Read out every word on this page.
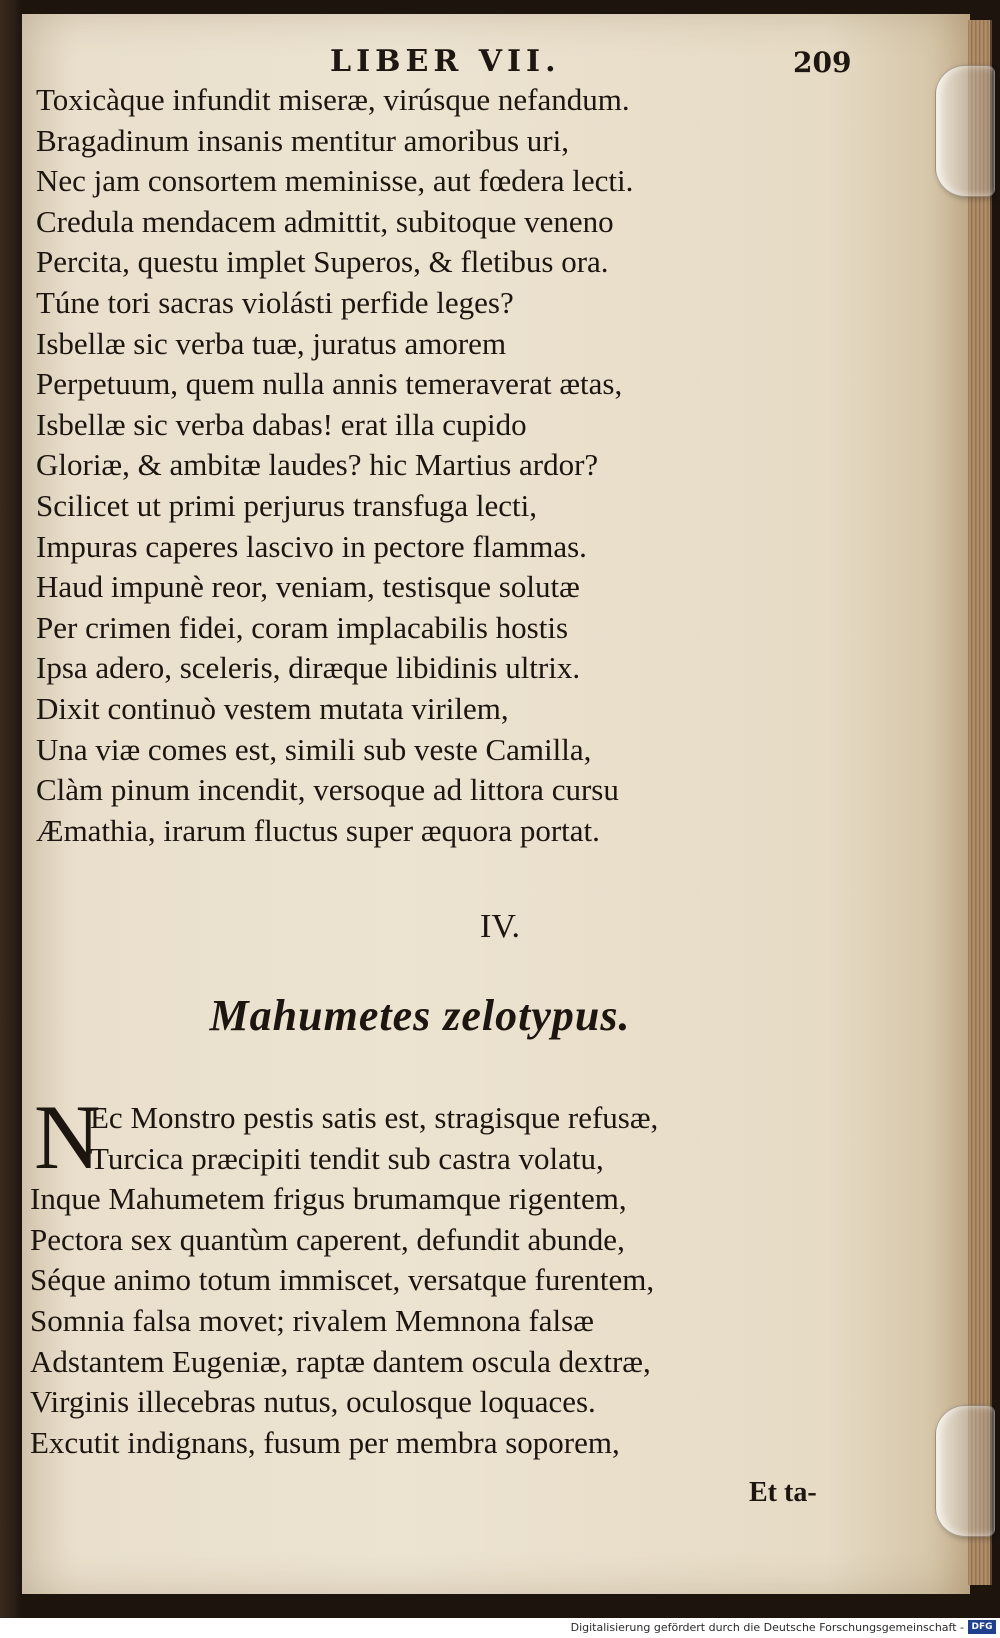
LIBER VII.	209
Toxicàque infundit miseræ, virúsque nefandum.
Bragadinum insanis mentitur amoribus uri,
Nec jam consortem meminisse, aut fœdera lecti.
Credula mendacem admittit, subitoque veneno
Percita, questu implet Superos, & fletibus ora.
Túne tori sacras violásti perfide leges?
Isbellæ sic verba tuæ, juratus amorem
Perpetuum, quem nulla annis temeraverat ætas,
Isbellæ sic verba dabas! erat illa cupido
Gloriæ, & ambitæ laudes? hic Martius ardor?
Scilicet ut primi perjurus transfuga lecti,
Impuras caperes lascivo in pectore flammas.
Haud impunè reor, veniam, testisque solutæ
Per crimen fidei, coram implacabilis hostis
Ipsa adero, sceleris, diræque libidinis ultrix.
Dixit continuò vestem mutata virilem,
Una viæ comes est, simili sub veste Camilla,
Clàm pinum incendit, versoque ad littora cursu
Æmathia, irarum fluctus super æquora portat.
IV.
Mahumetes zelotypus.
N
Ec Monstro pestis satis est, stragisque refusæ,
Turcica præcipiti tendit sub castra volatu,
Inque Mahumetem frigus brumamque rigentem,
Pectora sex quantùm caperent, defundit abunde,
Séque animo totum immiscet, versatque furentem,
Somnia falsa movet; rivalem Memnona falsæ
Adstantem Eugeniæ, raptæ dantem oscula dextræ,
Virginis illecebras nutus, oculosque loquaces.
Excutit indignans, fusum per membra soporem,
Et ta-
Digitalisierung gefördert durch die Deutsche Forschungsgemeinschaft - DFG
